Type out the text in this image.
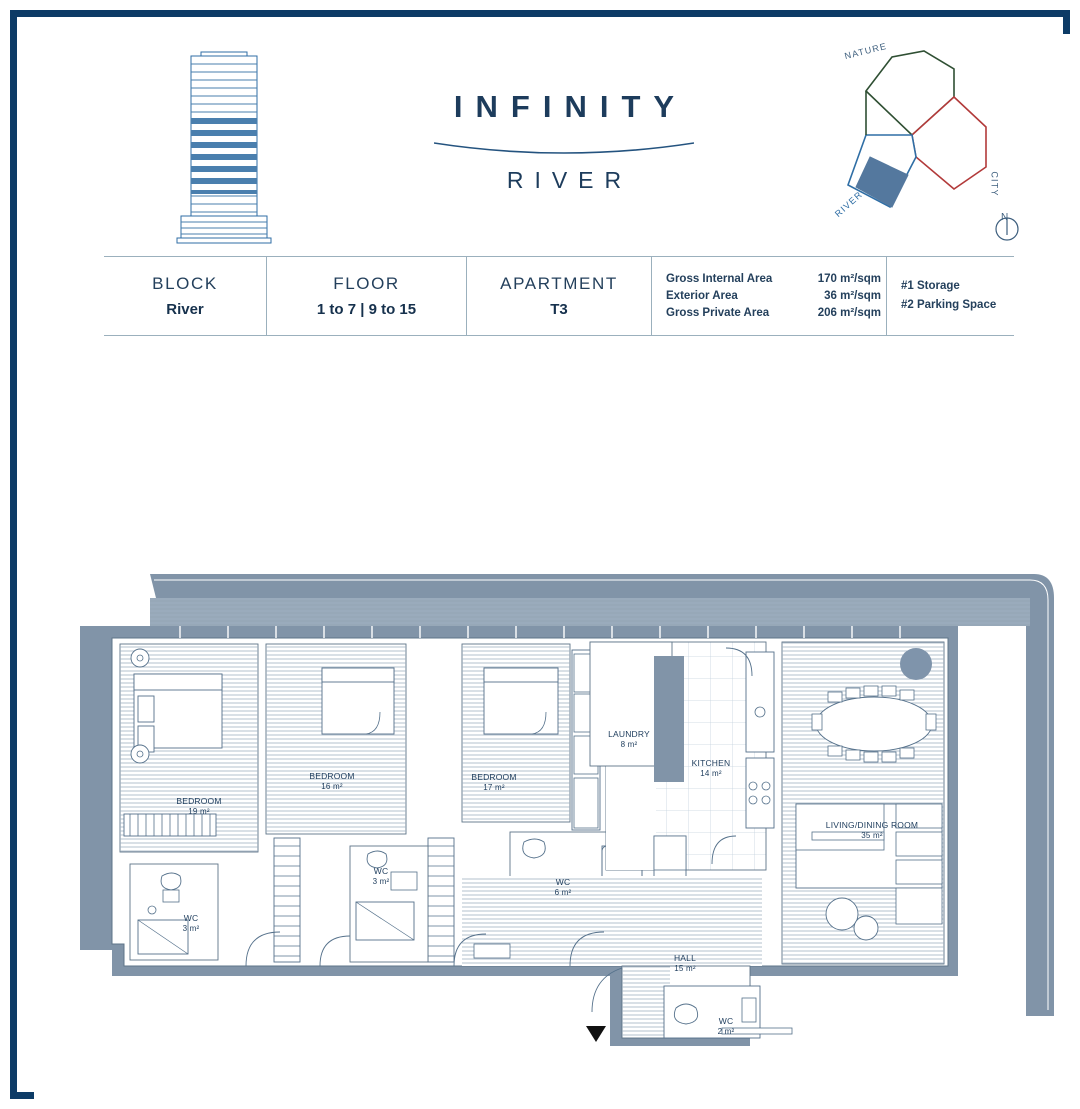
INFINITY
RIVER
NATURE
CITY
RIVER	N
BLOCK
River
FLOOR
1 to 7 | 9 to 15
APARTMENT
T3
Gross Internal Area	170 m²/sqm
Exterior Area	36 m²/sqm
Gross Private Area	206 m²/sqm
#1 Storage
#2 Parking Space
BEDROOM
19 m²
BEDROOM
16 m²
BEDROOM
17 m²
LAUNDRY
8 m²
KITCHEN
14 m²
LIVING/DINING ROOM
35 m²
WC
3 m²
WC
3 m²
WC
6 m²
HALL
15 m²
WC
2 m²
